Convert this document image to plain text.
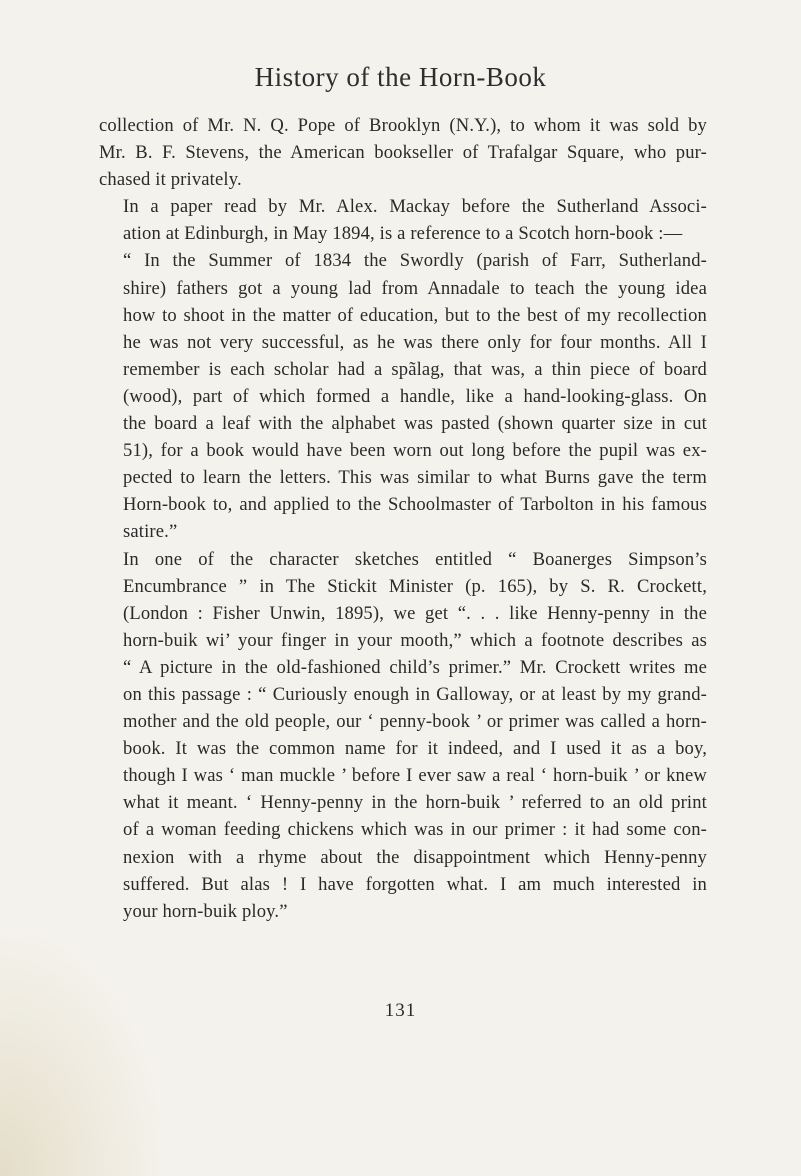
History of the Horn-Book

collection of Mr. N. Q. Pope of Brooklyn (N.Y.), to whom it was sold by
Mr. B. F. Stevens, the American bookseller of Trafalgar Square, who pur-
chased it privately.

In a paper read by Mr. Alex. Mackay before the Sutherland Associ-
ation at Edinburgh, in May 1894, is a reference to a Scotch horn-book :—

“ In the Summer of 1834 the Swordly (parish of Farr, Sutherland-
shire) fathers got a young lad from Annadale to teach the young idea
how to shoot in the matter of education, but to the best of my recollection
he was not very successful, as he was there only for four months. All I
remember is each scholar had a spãlag, that was, a thin piece of board
(wood), part of which formed a handle, like a hand-looking-glass. On
the board a leaf with the alphabet was pasted (shown quarter size in cut
51), for a book would have been worn out long before the pupil was ex-
pected to learn the letters. This was similar to what Burns gave the term
Horn-book to, and applied to the Schoolmaster of Tarbolton in his famous
satire.”

In one of the character sketches entitled “ Boanerges Simpson’s
Encumbrance ” in The Stickit Minister (p. 165), by S. R. Crockett,
(London : Fisher Unwin, 1895), we get “. . . like Henny-penny in the
horn-buik wi’ your finger in your mooth,” which a footnote describes as
“ A picture in the old-fashioned child’s primer.” Mr. Crockett writes me
on this passage : “ Curiously enough in Galloway, or at least by my grand-
mother and the old people, our ‘ penny-book ’ or primer was called a horn-
book. It was the common name for it indeed, and I used it as a boy,
though I was ‘ man muckle ’ before I ever saw a real ‘ horn-buik ’ or knew
what it meant. ‘ Henny-penny in the horn-buik ’ referred to an old print
of a woman feeding chickens which was in our primer : it had some con-
nexion with a rhyme about the disappointment which Henny-penny
suffered. But alas ! I have forgotten what. I am much interested in
your horn-buik ploy.”

131
